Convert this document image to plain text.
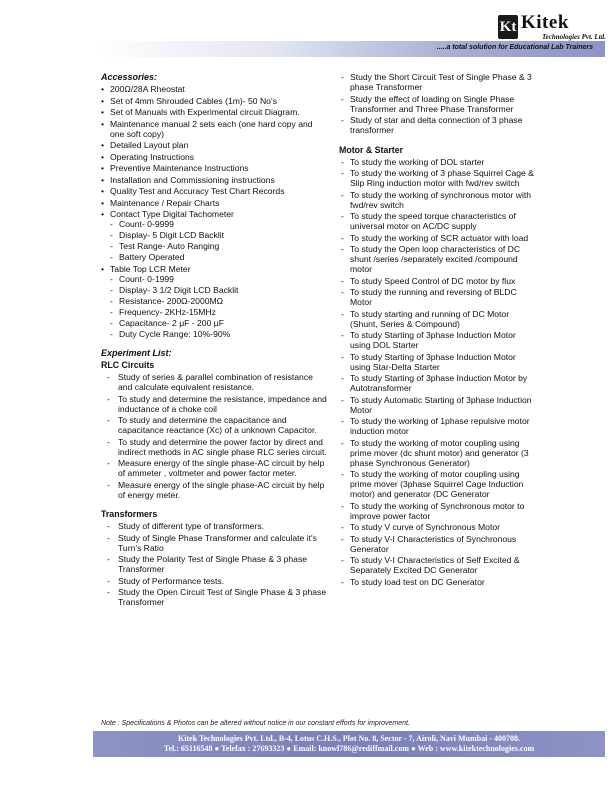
Kt Kitek
Technologies Pvt. Ltd.
.....a total solution for Educational Lab Trainers
Accessories:
• 200Ω/28A Rheostat
• Set of 4mm Shrouded Cables (1m)- 50 No's
• Set of Manuals with Experimental circuit Diagram.
• Maintenance manual 2 sets each (one hard copy and one soft copy)
• Detailed Layout plan
• Operating Instructions
• Preventive Maintenance Instructions
• Installation and Commissioning instructions
• Quality Test and Accuracy Test Chart Records
• Maintenance / Repair Charts
• Contact Type Digital Tachometer
- Count- 0-9999
- Display- 5 Digit LCD Backlit
- Test Range- Auto Ranging
- Battery Operated
• Table Top LCR Meter
- Count- 0-1999
- Display- 3 1/2 Digit LCD Backlit
- Resistance- 200Ω-2000MΩ
- Frequency- 2KHz-15MHz
- Capacitance- 2 μF - 200 μF
- Duty Cycle Range: 10%-90%
Experiment List:
RLC Circuits
- Study of series & parallel combination of resistance and calculate equivalent resistance.
- To study and determine the resistance, impedance and inductance of a choke coil
- To study and determine the capacitance and capacitance reactance (Xc) of a unknown Capacitor.
- To study and determine the power factor by direct and indirect methods in AC single phase RLC series circuit.
- Measure energy of the single phase-AC circuit by help of ammeter , voltmeter and power factor meter.
- Measure energy of the single phase-AC circuit by help of energy meter.
Transformers
- Study of different type of transformers.
- Study of Single Phase Transformer and calculate it's Turn's Ratio
- Study the Polarity Test of Single Phase & 3 phase Transformer
- Study of Performance tests.
- Study the Open Circuit Test of Single Phase & 3 phase Transformer
- Study the Short Circuit Test of Single Phase & 3 phase Transformer
- Study the effect of loading on Single Phase Transformer and Three Phase Transformer
- Study of star and delta connection of 3 phase transformer
Motor & Starter
- To study the working of DOL starter
- To study the working of 3 phase Squirrel Cage & Slip Ring induction motor with fwd/rev switch
- To study the working of synchronous motor with fwd/rev switch
- To study the speed torque characteristics of universal motor on AC/DC supply
- To study the working of SCR actuator with load
- To study the Open loop characteristics of DC shunt /series /separately excited /compound motor
- To study Speed Control of DC motor by flux
- To study the running and reversing of BLDC Motor
- To study starting and running of DC Motor (Shunt, Series & Compound)
- To study Starting of 3phase Induction Motor using DOL Starter
- To study Starting of 3phase Induction Motor using Star-Delta Starter
- To study Starting of 3phase Induction Motor by Autotransformer
- To study Automatic Starting of 3phase Induction Motor
- To study the working of 1phase repulsive motor induction motor
- To study the working of motor coupling using prime mover (dc shunt motor) and generator (3 phase Synchronous Generator)
- To study the working of motor coupling using prime mover (3phase Squirrel Cage Induction motor) and generator (DC Generator
- To study the working of Synchronous motor to improve power factor
- To study V curve of Synchronous Motor
- To study V-I Characteristics of Synchronous Generator
- To study V-I Characteristics of Self Excited & Separately Excited DC Generator
- To study load test on DC Generator
Note : Specifications & Photos can be altered without notice in our constant efforts for improvement.
Kitek Technologies Pvt. Ltd., B-4, Lotus C.H.S., Plot No. 8, Sector - 7, Airoli, Navi Mumbai - 400708.
Tel.: 65116548 ● Telefax : 27693323 ● Email: knowl786@rediffmail.com ● Web : www.kitektechnologies.com
